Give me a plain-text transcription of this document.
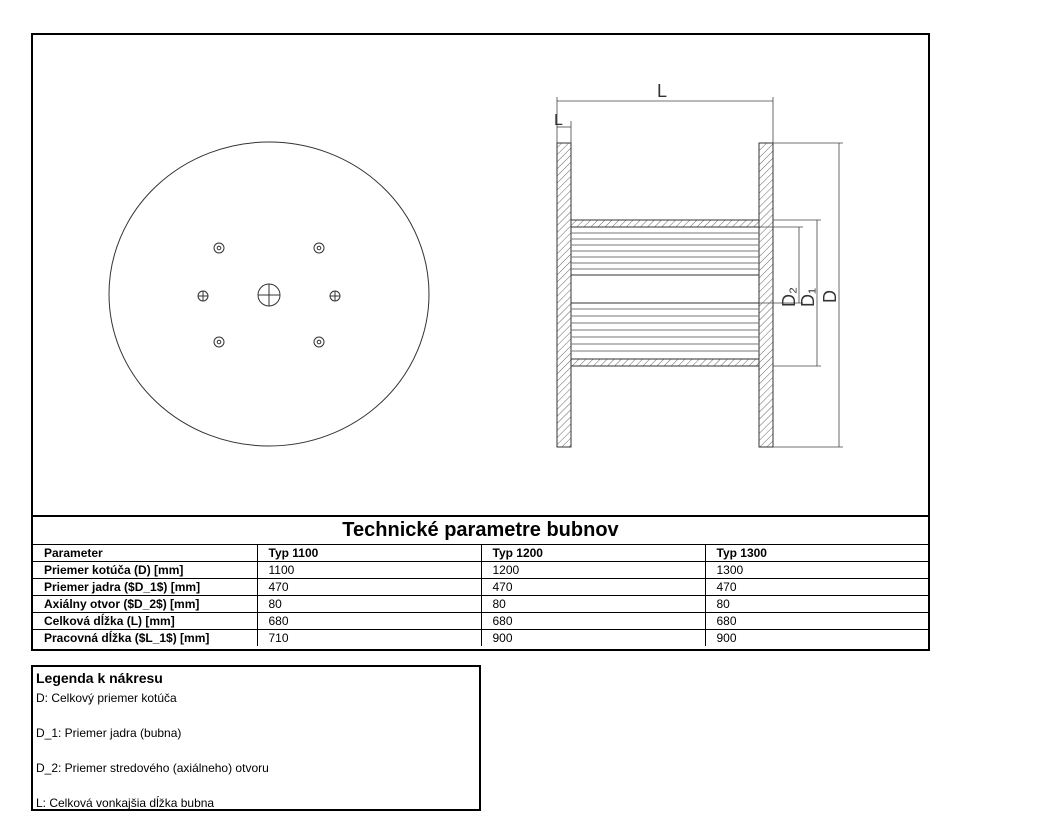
L
L
D₂ D₁ D
Technické parametre bubnov
Parameter	Typ 1100	Typ 1200	Typ 1300
Priemer kotúča (D) [mm]	1100	1200	1300
Priemer jadra ($D_1$) [mm]	470	470	470
Axiálny otvor ($D_2$) [mm]	80	80	80
Celková dĺžka (L) [mm]	680	680	680
Pracovná dĺžka ($L_1$) [mm]	710	900	900
Legenda k nákresu
D: Celkový priemer kotúča
D_1: Priemer jadra (bubna)
D_2: Priemer stredového (axiálneho) otvoru
L: Celková vonkajšia dĺžka bubna
